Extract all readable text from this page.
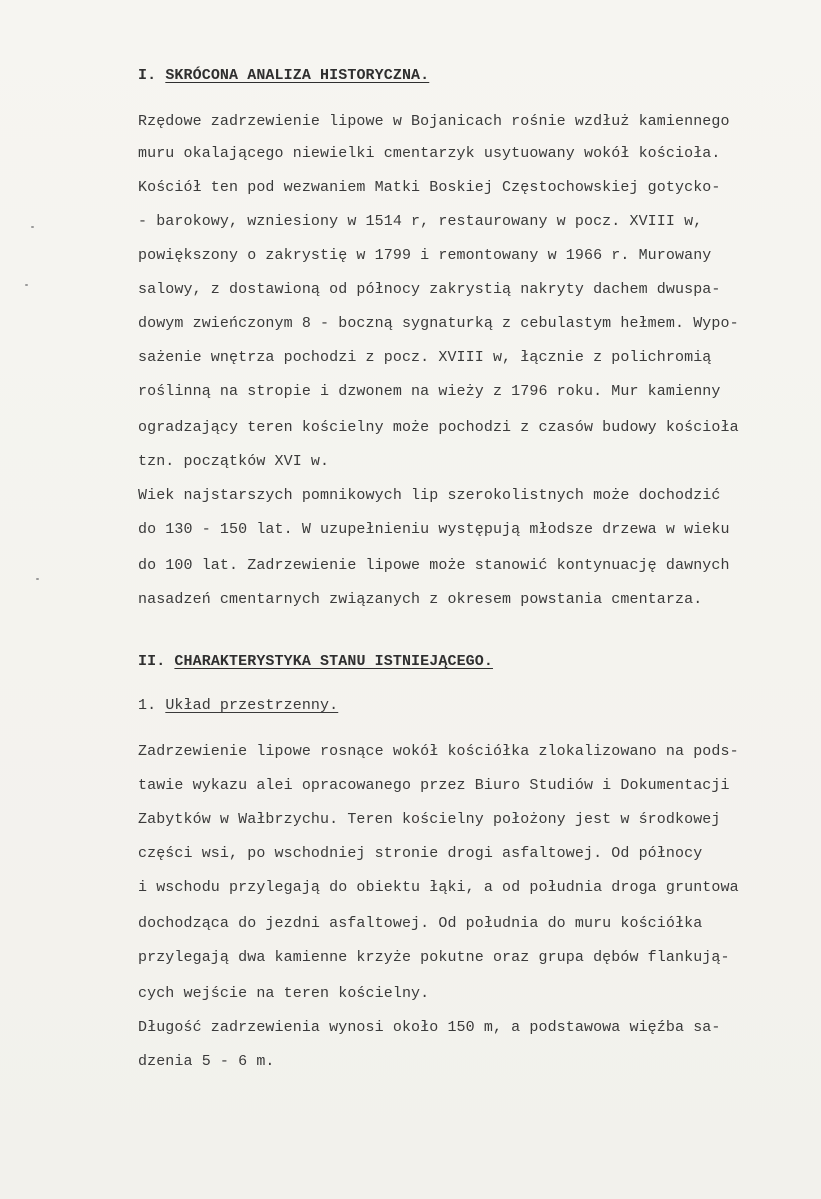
I. SKRÓCONA ANALIZA HISTORYCZNA.
Rzędowe zadrzewienie lipowe w Bojanicach rośnie wzdłuż kamiennego
muru okalającego niewielki cmentarzyk usytuowany wokół kościoła.
Kościół ten pod wezwaniem Matki Boskiej Częstochowskiej gotycko-
- barokowy, wzniesiony w 1514 r, restaurowany w pocz. XVIII w,
powiększony o zakrystię w 1799 i remontowany w 1966 r. Murowany
salowy, z dostawioną od północy zakrystią nakryty dachem dwuspa-
dowym zwieńczonym 8 - boczną sygnaturką z cebulastym hełmem. Wypo-
sażenie wnętrza pochodzi z pocz. XVIII w, łącznie z polichromią
roślinną na stropie i dzwonem na wieży z 1796 roku. Mur kamienny
ogradzający teren kościelny może pochodzi z czasów budowy kościoła
tzn. początków XVI w.
Wiek najstarszych pomnikowych lip szerokolistnych może dochodzić
do 130 - 150 lat. W uzupełnieniu występują młodsze drzewa w wieku
do 100 lat. Zadrzewienie lipowe może stanowić kontynuację dawnych
nasadzeń cmentarnych związanych z okresem powstania cmentarza.
II. CHARAKTERYSTYKA STANU ISTNIEJĄCEGO.
1. Układ przestrzenny.
Zadrzewienie lipowe rosnące wokół kościółka zlokalizowano na pods-
tawie wykazu alei opracowanego przez Biuro Studiów i Dokumentacji
Zabytków w Wałbrzychu. Teren kościelny położony jest w środkowej
części wsi, po wschodniej stronie drogi asfaltowej. Od północy
i wschodu przylegają do obiektu łąki, a od południa droga gruntowa
dochodząca do jezdni asfaltowej. Od południa do muru kościółka
przylegają dwa kamienne krzyże pokutne oraz grupa dębów flankują-
cych wejście na teren kościelny.
Długość zadrzewienia wynosi około 150 m, a podstawowa więźba sa-
dzenia 5 - 6 m.
